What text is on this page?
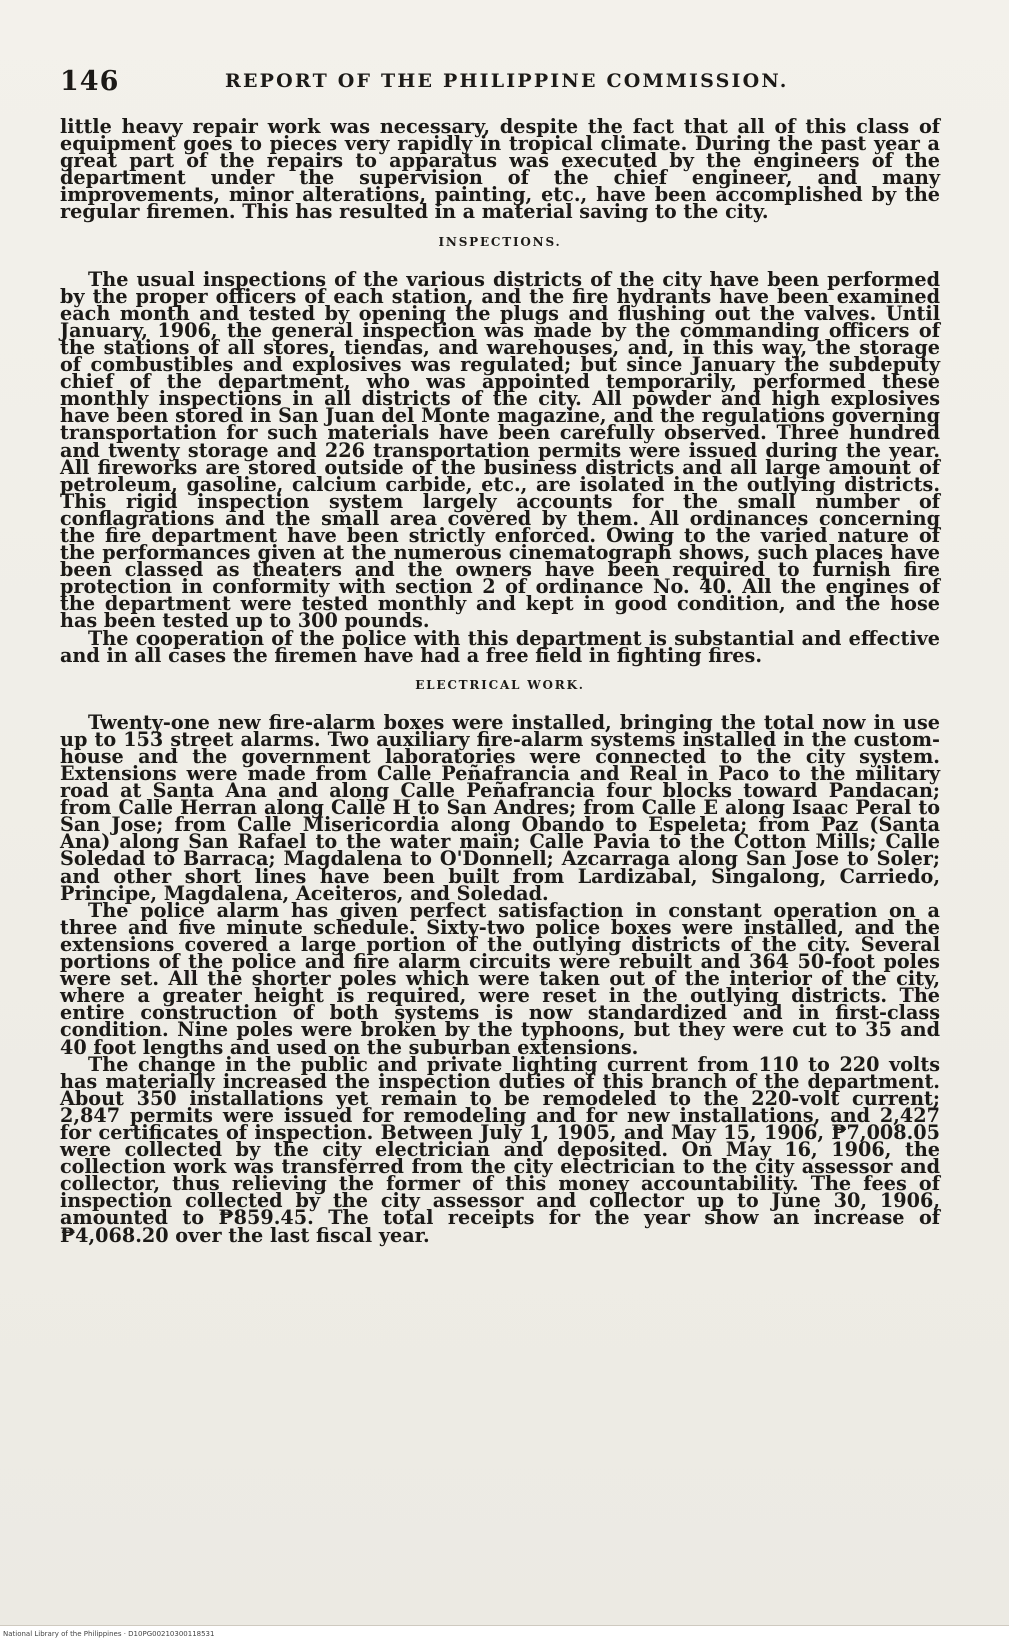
146	REPORT OF THE PHILIPPINE COMMISSION.

little heavy repair work was necessary, despite the fact that all of this class of equipment goes to pieces very rapidly in tropical climate. During the past year a great part of the repairs to apparatus was executed by the engineers of the department under the supervision of the chief engineer, and many improvements, minor alterations, painting, etc., have been accomplished by the regular firemen. This has resulted in a material saving to the city.

INSPECTIONS.

The usual inspections of the various districts of the city have been performed by the proper officers of each station, and the fire hydrants have been examined each month and tested by opening the plugs and flushing out the valves. Until January, 1906, the general inspection was made by the commanding officers of the stations of all stores, tiendas, and warehouses, and, in this way, the storage of combustibles and explosives was regulated; but since January the subdeputy chief of the department, who was appointed temporarily, performed these monthly inspections in all districts of the city. All powder and high explosives have been stored in San Juan del Monte magazine, and the regulations governing transportation for such materials have been carefully observed. Three hundred and twenty storage and 226 transportation permits were issued during the year. All fireworks are stored outside of the business districts and all large amount of petroleum, gasoline, calcium carbide, etc., are isolated in the outlying districts. This rigid inspection system largely accounts for the small number of conflagrations and the small area covered by them. All ordinances concerning the fire department have been strictly enforced. Owing to the varied nature of the performances given at the numerous cinematograph shows, such places have been classed as theaters and the owners have been required to furnish fire protection in conformity with section 2 of ordinance No. 40. All the engines of the department were tested monthly and kept in good condition, and the hose has been tested up to 300 pounds.

The cooperation of the police with this department is substantial and effective and in all cases the firemen have had a free field in fighting fires.

ELECTRICAL WORK.

Twenty-one new fire-alarm boxes were installed, bringing the total now in use up to 153 street alarms. Two auxiliary fire-alarm systems installed in the custom-house and the government laboratories were connected to the city system. Extensions were made from Calle Peñafrancia and Real in Paco to the military road at Santa Ana and along Calle Peñafrancia four blocks toward Pandacan; from Calle Herran along Calle H to San Andres; from Calle E along Isaac Peral to San Jose; from Calle Misericordia along Obando to Espeleta; from Paz (Santa Ana) along San Rafael to the water main; Calle Pavia to the Cotton Mills; Calle Soledad to Barraca; Magdalena to O'Donnell; Azcarraga along San Jose to Soler; and other short lines have been built from Lardizabal, Singalong, Carriedo, Principe, Magdalena, Aceiteros, and Soledad.

The police alarm has given perfect satisfaction in constant operation on a three and five minute schedule. Sixty-two police boxes were installed, and the extensions covered a large portion of the outlying districts of the city. Several portions of the police and fire alarm circuits were rebuilt and 364 50-foot poles were set. All the shorter poles which were taken out of the interior of the city, where a greater height is required, were reset in the outlying districts. The entire construction of both systems is now standardized and in first-class condition. Nine poles were broken by the typhoons, but they were cut to 35 and 40 foot lengths and used on the suburban extensions.

The change in the public and private lighting current from 110 to 220 volts has materially increased the inspection duties of this branch of the department. About 350 installations yet remain to be remodeled to the 220-volt current; 2,847 permits were issued for remodeling and for new installations, and 2,427 for certificates of inspection. Between July 1, 1905, and May 15, 1906, ₱7,008.05 were collected by the city electrician and deposited. On May 16, 1906, the collection work was transferred from the city electrician to the city assessor and collector, thus relieving the former of this money accountability. The fees of inspection collected by the city assessor and collector up to June 30, 1906, amounted to ₱859.45. The total receipts for the year show an increase of ₱4,068.20 over the last fiscal year.

National Library of the Philippines · D10PG00210300118531
